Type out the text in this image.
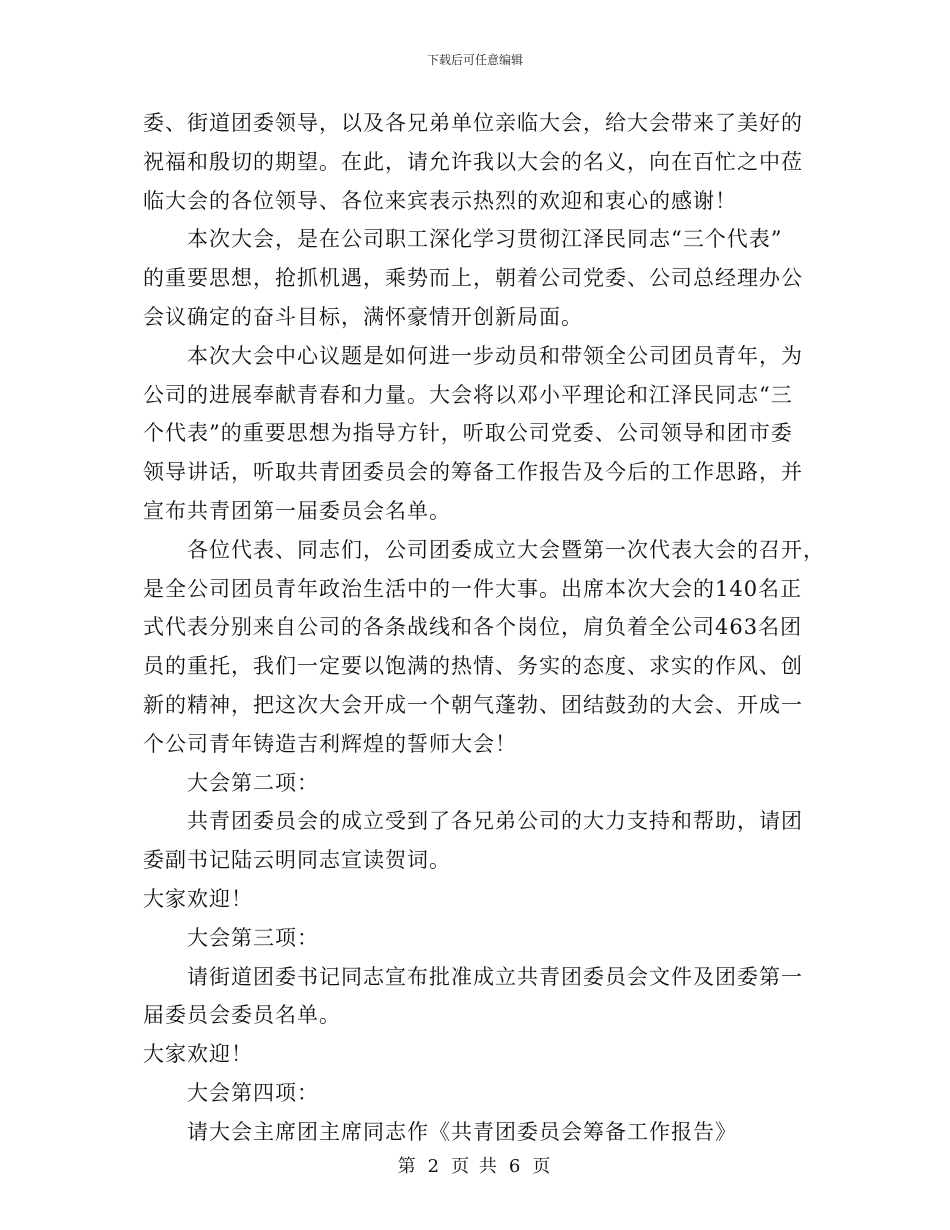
下载后可任意编辑
委、街道团委领导，以及各兄弟单位亲临大会，给大会带来了美好的
祝福和殷切的期望。在此，请允许我以大会的名义，向在百忙之中莅
临大会的各位领导、各位来宾表示热烈的欢迎和衷心的感谢！
本次大会，是在公司职工深化学习贯彻江泽民同志“三个代表”
的重要思想，抢抓机遇，乘势而上，朝着公司党委、公司总经理办公
会议确定的奋斗目标，满怀豪情开创新局面。
本次大会中心议题是如何进一步动员和带领全公司团员青年，为
公司的进展奉献青春和力量。大会将以邓小平理论和江泽民同志“三
个代表”的重要思想为指导方针，听取公司党委、公司领导和团市委
领导讲话，听取共青团委员会的筹备工作报告及今后的工作思路，并
宣布共青团第一届委员会名单。
各位代表、同志们，公司团委成立大会暨第一次代表大会的召开，
是全公司团员青年政治生活中的一件大事。出席本次大会的140名正
式代表分别来自公司的各条战线和各个岗位，肩负着全公司463名团
员的重托，我们一定要以饱满的热情、务实的态度、求实的作风、创
新的精神，把这次大会开成一个朝气蓬勃、团结鼓劲的大会、开成一
个公司青年铸造吉利辉煌的誓师大会！
大会第二项：
共青团委员会的成立受到了各兄弟公司的大力支持和帮助，请团
委副书记陆云明同志宣读贺词。
大家欢迎！
大会第三项：
请街道团委书记同志宣布批准成立共青团委员会文件及团委第一
届委员会委员名单。
大家欢迎！
大会第四项：
请大会主席团主席同志作《共青团委员会筹备工作报告》
第 2 页 共 6 页
